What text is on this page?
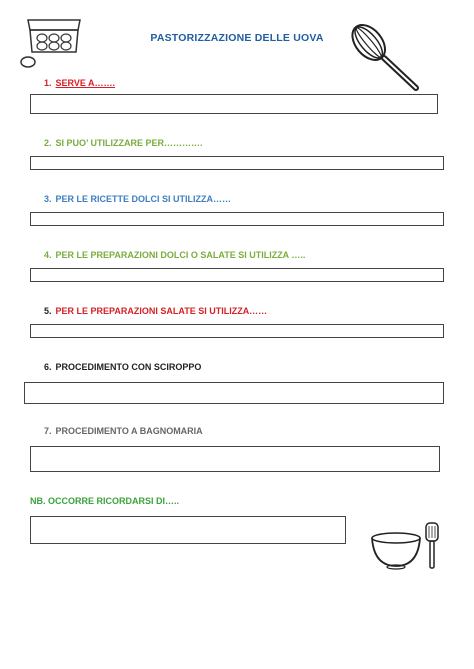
PASTORIZZAZIONE DELLE UOVA
1. SERVE A…….
2. SI PUO’ UTILIZZARE PER………….
3. PER LE RICETTE DOLCI SI UTILIZZA……
4. PER LE PREPARAZIONI DOLCI O SALATE SI UTILIZZA …..
5. PER LE PREPARAZIONI SALATE SI UTILIZZA……
6. PROCEDIMENTO CON SCIROPPO
7. PROCEDIMENTO A BAGNOMARIA
NB. OCCORRE RICORDARSI DI…..
